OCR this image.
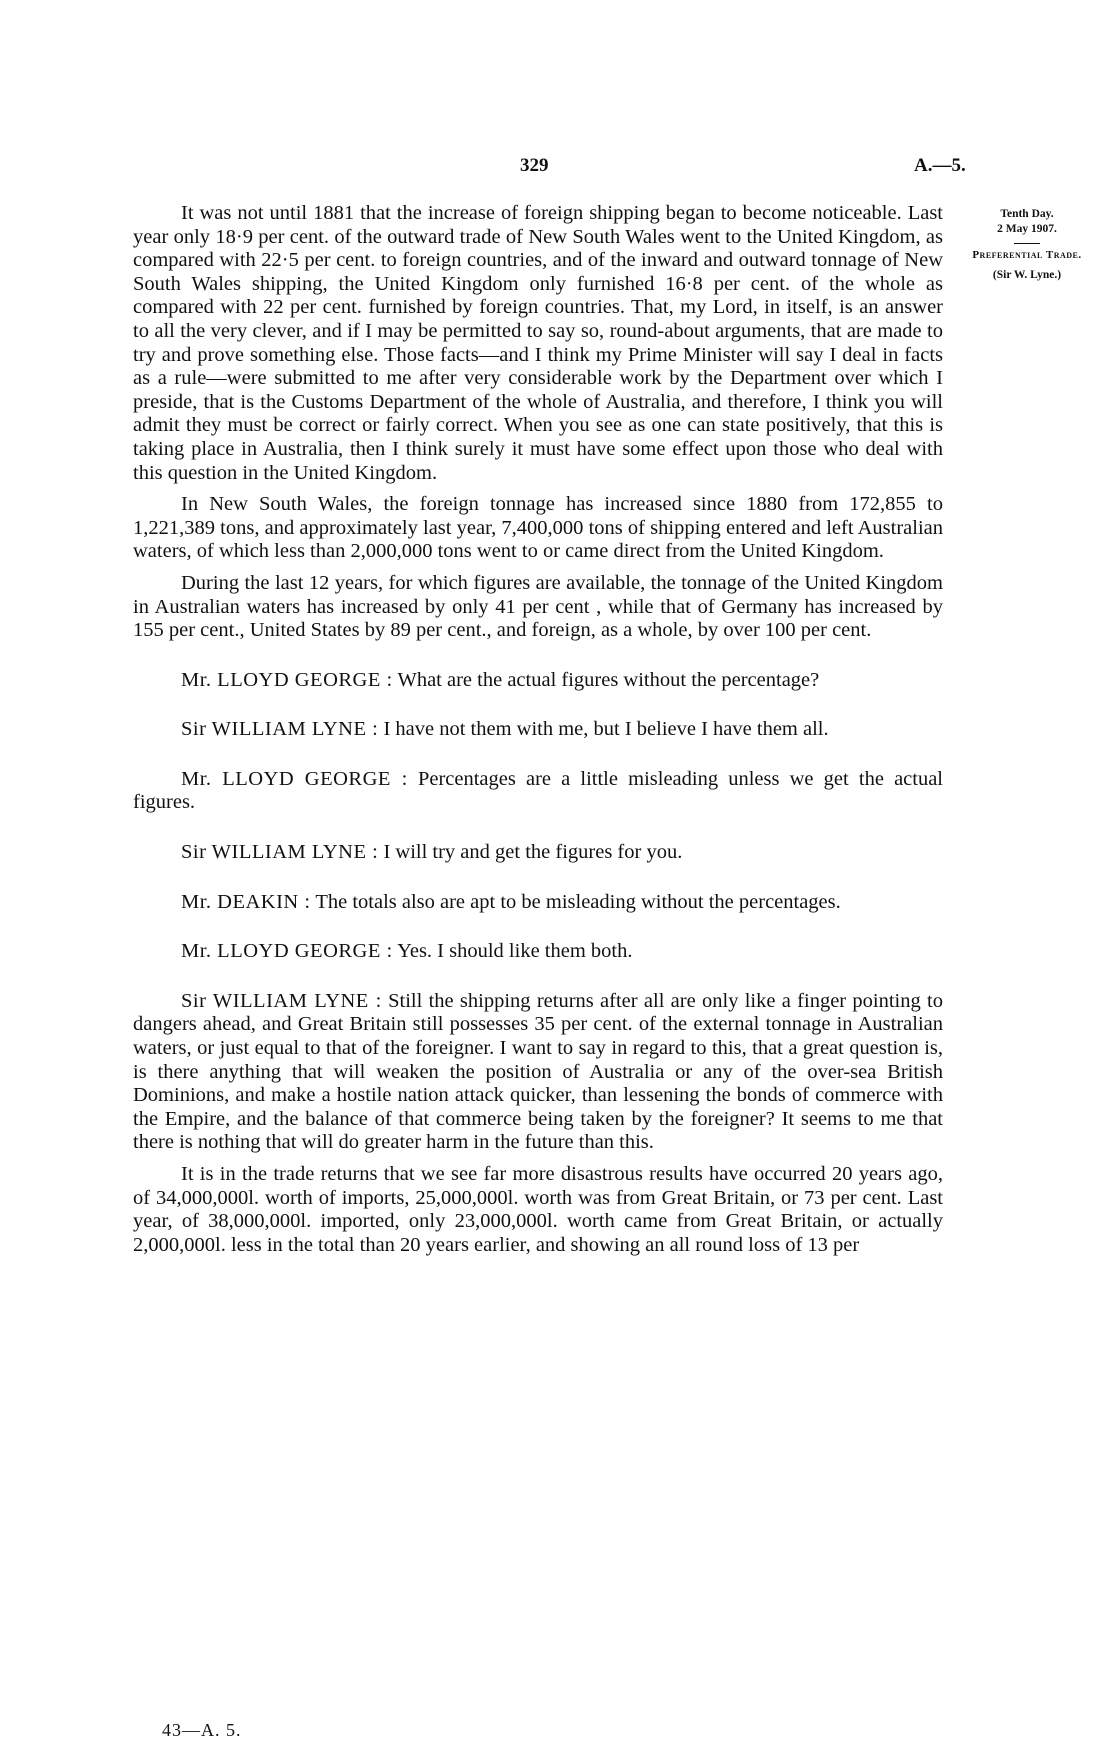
329	A.—5.
Tenth Day.
2 May 1907.
Preferential Trade.
(Sir W. Lyne.)

It was not until 1881 that the increase of foreign shipping began to become noticeable. Last year only 18·9 per cent. of the outward trade of New South Wales went to the United Kingdom, as compared with 22·5 per cent. to foreign countries, and of the inward and outward tonnage of New South Wales shipping, the United Kingdom only furnished 16·8 per cent. of the whole as compared with 22 per cent. furnished by foreign countries. That, my Lord, in itself, is an answer to all the very clever, and if I may be permitted to say so, round-about arguments, that are made to try and prove something else. Those facts—and I think my Prime Minister will say I deal in facts as a rule—were submitted to me after very considerable work by the Department over which I preside, that is the Customs Department of the whole of Australia, and therefore, I think you will admit they must be correct or fairly correct. When you see as one can state positively, that this is taking place in Australia, then I think surely it must have some effect upon those who deal with this question in the United Kingdom.

In New South Wales, the foreign tonnage has increased since 1880 from 172,855 to 1,221,389 tons, and approximately last year, 7,400,000 tons of shipping entered and left Australian waters, of which less than 2,000,000 tons went to or came direct from the United Kingdom.

During the last 12 years, for which figures are available, the tonnage of the United Kingdom in Australian waters has increased by only 41 per cent , while that of Germany has increased by 155 per cent., United States by 89 per cent., and foreign, as a whole, by over 100 per cent.

Mr. LLOYD GEORGE : What are the actual figures without the percentage?

Sir WILLIAM LYNE : I have not them with me, but I believe I have them all.

Mr. LLOYD GEORGE : Percentages are a little misleading unless we get the actual figures.

Sir WILLIAM LYNE : I will try and get the figures for you.

Mr. DEAKIN : The totals also are apt to be misleading without the percentages.

Mr. LLOYD GEORGE : Yes. I should like them both.

Sir WILLIAM LYNE : Still the shipping returns after all are only like a finger pointing to dangers ahead, and Great Britain still possesses 35 per cent. of the external tonnage in Australian waters, or just equal to that of the foreigner. I want to say in regard to this, that a great question is, is there anything that will weaken the position of Australia or any of the over-sea British Dominions, and make a hostile nation attack quicker, than lessening the bonds of commerce with the Empire, and the balance of that commerce being taken by the foreigner? It seems to me that there is nothing that will do greater harm in the future than this.

It is in the trade returns that we see far more disastrous results have occurred 20 years ago, of 34,000,000l. worth of imports, 25,000,000l. worth was from Great Britain, or 73 per cent. Last year, of 38,000,000l. imported, only 23,000,000l. worth came from Great Britain, or actually 2,000,000l. less in the total than 20 years earlier, and showing an all round loss of 13 per

43—A. 5.
